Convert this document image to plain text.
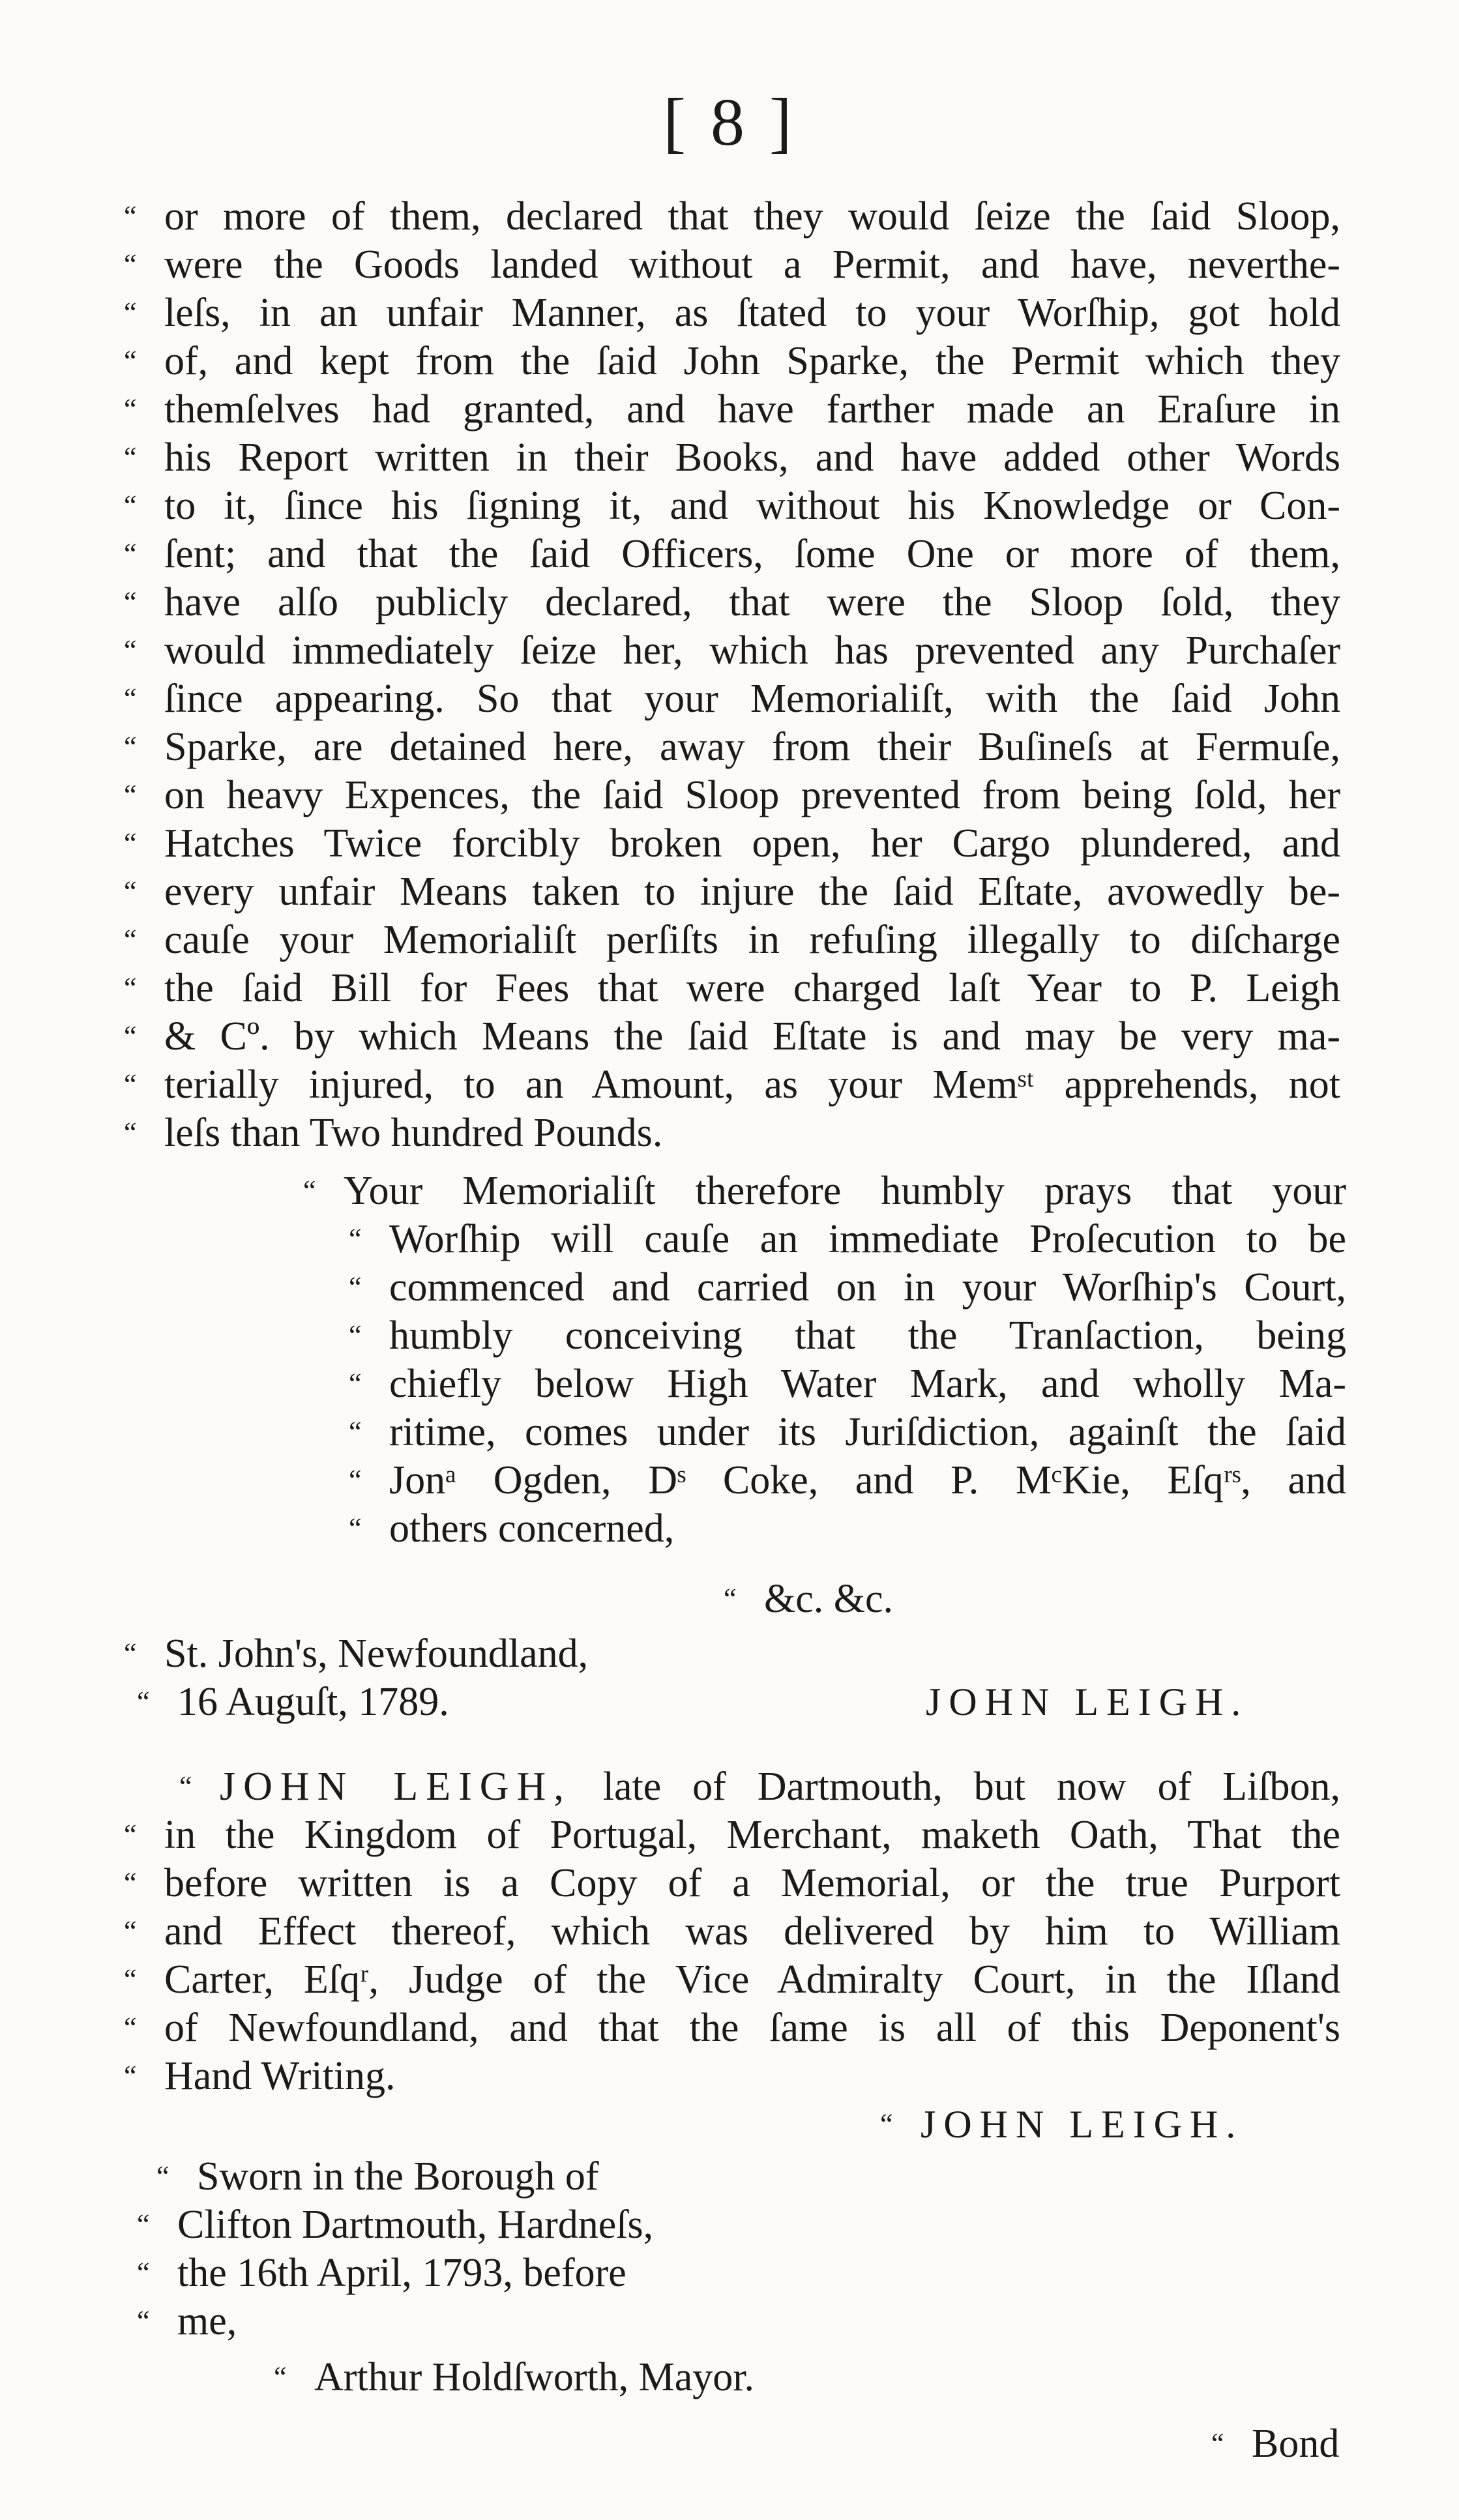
[ 8 ]
“ or more of them, declared that they would ſeize the ſaid Sloop,
“ were the Goods landed without a Permit, and have, neverthe-
“ leſs, in an unfair Manner, as ſtated to your Worſhip, got hold
“ of, and kept from the ſaid John Sparke, the Permit which they
“ themſelves had granted, and have farther made an Eraſure in
“ his Report written in their Books, and have added other Words
“ to it, ſince his ſigning it, and without his Knowledge or Con-
“ ſent; and that the ſaid Officers, ſome One or more of them,
“ have alſo publicly declared, that were the Sloop ſold, they
“ would immediately ſeize her, which has prevented any Purchaſer
“ ſince appearing. So that your Memorialiſt, with the ſaid John
“ Sparke, are detained here, away from their Buſineſs at Fermuſe,
“ on heavy Expences, the ſaid Sloop prevented from being ſold, her
“ Hatches Twice forcibly broken open, her Cargo plundered, and
“ every unfair Means taken to injure the ſaid Eſtate, avowedly be-
“ cauſe your Memorialiſt perſiſts in refuſing illegally to diſcharge
“ the ſaid Bill for Fees that were charged laſt Year to P. Leigh
“ & Cº. by which Means the ſaid Eſtate is and may be very ma-
“ terially injured, to an Amount, as your Memˢᵗ apprehends, not
“ leſs than Two hundred Pounds.
“ Your Memorialiſt therefore humbly prays that your
“ Worſhip will cauſe an immediate Proſecution to be
“ commenced and carried on in your Worſhip's Court,
“ humbly conceiving that the Tranſaction, being
“ chiefly below High Water Mark, and wholly Ma-
“ ritime, comes under its Juriſdiction, againſt the ſaid
“ Jonᵃ Ogden, Dˢ Coke, and P. MᶜKie, Eſqʳˢ, and
“ others concerned,
“ &c. &c.
“ St. John's, Newfoundland,
“ 16 Auguſt, 1789.	JOHN LEIGH.
“ JOHN LEIGH, late of Dartmouth, but now of Liſbon,
“ in the Kingdom of Portugal, Merchant, maketh Oath, That the
“ before written is a Copy of a Memorial, or the true Purport
“ and Effect thereof, which was delivered by him to William
“ Carter, Eſqʳ, Judge of the Vice Admiralty Court, in the Iſland
“ of Newfoundland, and that the ſame is all of this Deponent's
“ Hand Writing.
“ JOHN LEIGH.
“ Sworn in the Borough of
“ Clifton Dartmouth, Hardneſs,
“ the 16th April, 1793, before
“ me,
“ Arthur Holdſworth, Mayor.
“ Bond
